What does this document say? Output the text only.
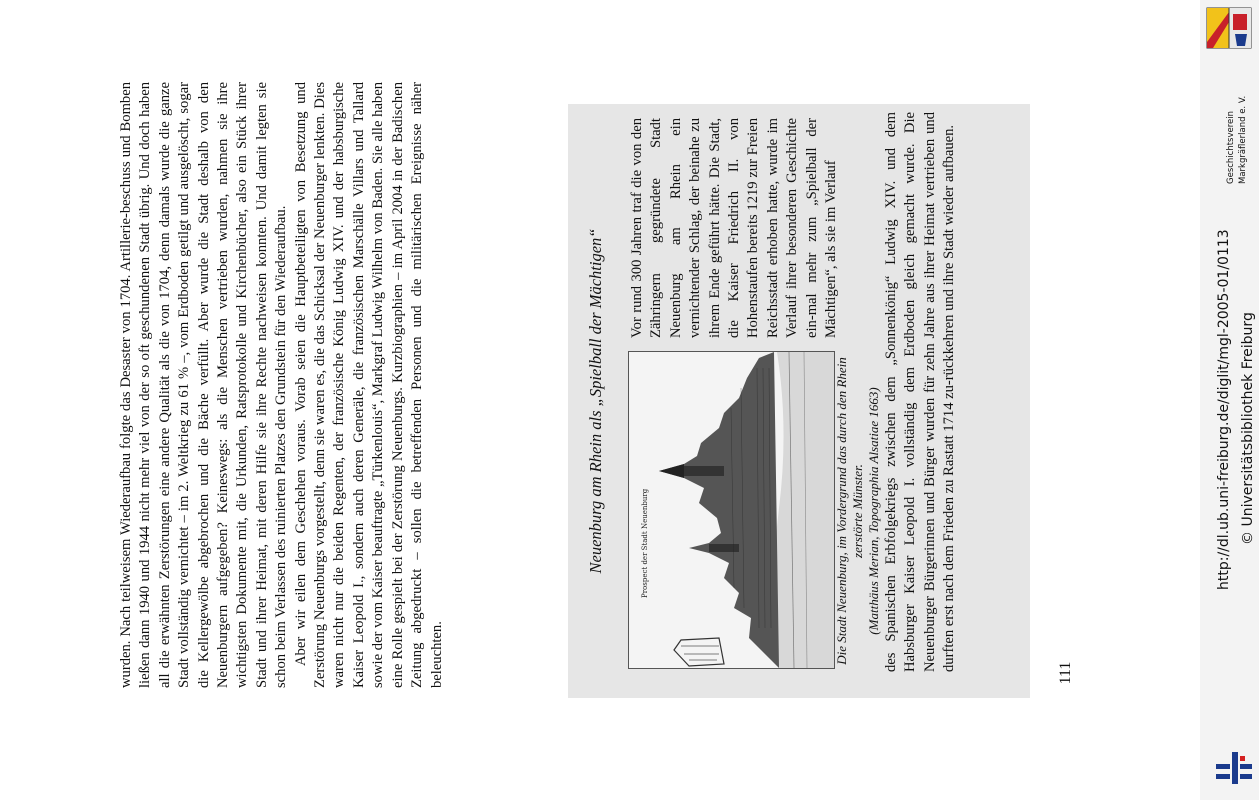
wurden. Nach teilweisem Wiederaufbau folgte das Desaster von 1704. Artillerie-beschuss und Bomben ließen dann 1940 und 1944 nicht mehr viel von der so oft geschundenen Stadt übrig. Und doch haben all die erwähnten Zerstörungen eine andere Qualität als die von 1704, denn damals wurde die ganze Stadt vollständig vernichtet – im 2. Weltkrieg zu 61 % –, vom Erdboden getilgt und ausgelöscht, sogar die Kellergewölbe abgebrochen und die Bäche verfüllt. Aber wurde die Stadt deshalb von den Neuenburgern aufgegeben? Keineswegs: als die Menschen vertrieben wurden, nahmen sie ihre wichtigsten Dokumente mit, die Urkunden, Ratsprotokolle und Kirchenbücher, also ein Stück ihrer Stadt und ihrer Heimat, mit deren Hilfe sie ihre Rechte nachweisen konnten. Und damit legten sie schon beim Verlassen des ruinierten Platzes den Grundstein für den Wiederaufbau. Aber wir eilen dem Geschehen voraus. Vorab seien die Hauptbeteiligten von Besetzung und Zerstörung Neuenburgs vorgestellt, denn sie waren es, die das Schicksal der Neuenburger lenkten. Dies waren nicht nur die beiden Regenten, der französische König Ludwig XIV. und der habsburgische Kaiser Leopold I., sondern auch deren Generäle, die französischen Marschälle Villars und Tallard sowie der vom Kaiser beauftragte „Türkenlouis“, Markgraf Ludwig Wilhelm von Baden. Sie alle haben eine Rolle gespielt bei der Zerstörung Neuenburgs. Kurzbiographien – im April 2004 in der Badischen Zeitung abgedruckt – sollen die betreffenden Personen und die militärischen Ereignisse näher beleuchten.

Neuenburg am Rhein als „Spielball der Mächtigen“	Prospect der Stadt Neuenburg	Die Stadt Neuenburg, im Vordergrund das durch den Rhein zerstörte Münster. (Matthäus Merian, Topographia Alsatiae 1663)
Vor rund 300 Jahren traf die von den Zähringern gegründete Stadt Neuenburg am Rhein ein vernichtender Schlag, der beinahe zu ihrem Ende geführt hätte. Die Stadt, die Kaiser Friedrich II. von Hohenstaufen bereits 1219 zur Freien Reichsstadt erhoben hatte, wurde im Verlauf ihrer besonderen Geschichte ein-mal mehr zum „Spielball der Mächtigen“, als sie im Verlauf	des Spanischen Erbfolgekriegs zwischen dem „Sonnenkönig“ Ludwig XIV. und dem Habsburger Kaiser Leopold I. vollständig dem Erdboden gleich gemacht wurde. Die Neuenburger Bürgerinnen und Bürger wurden für zehn Jahre aus ihrer Heimat vertrieben und durften erst nach dem Frieden zu Rastatt 1714 zu-rückkehren und ihre Stadt wieder aufbauen.
111
Geschichtsverein Markgräflerland e. V.
http://dl.ub.uni-freiburg.de/diglit/mgl-2005-01/0113 © Universitätsbibliothek Freiburg
